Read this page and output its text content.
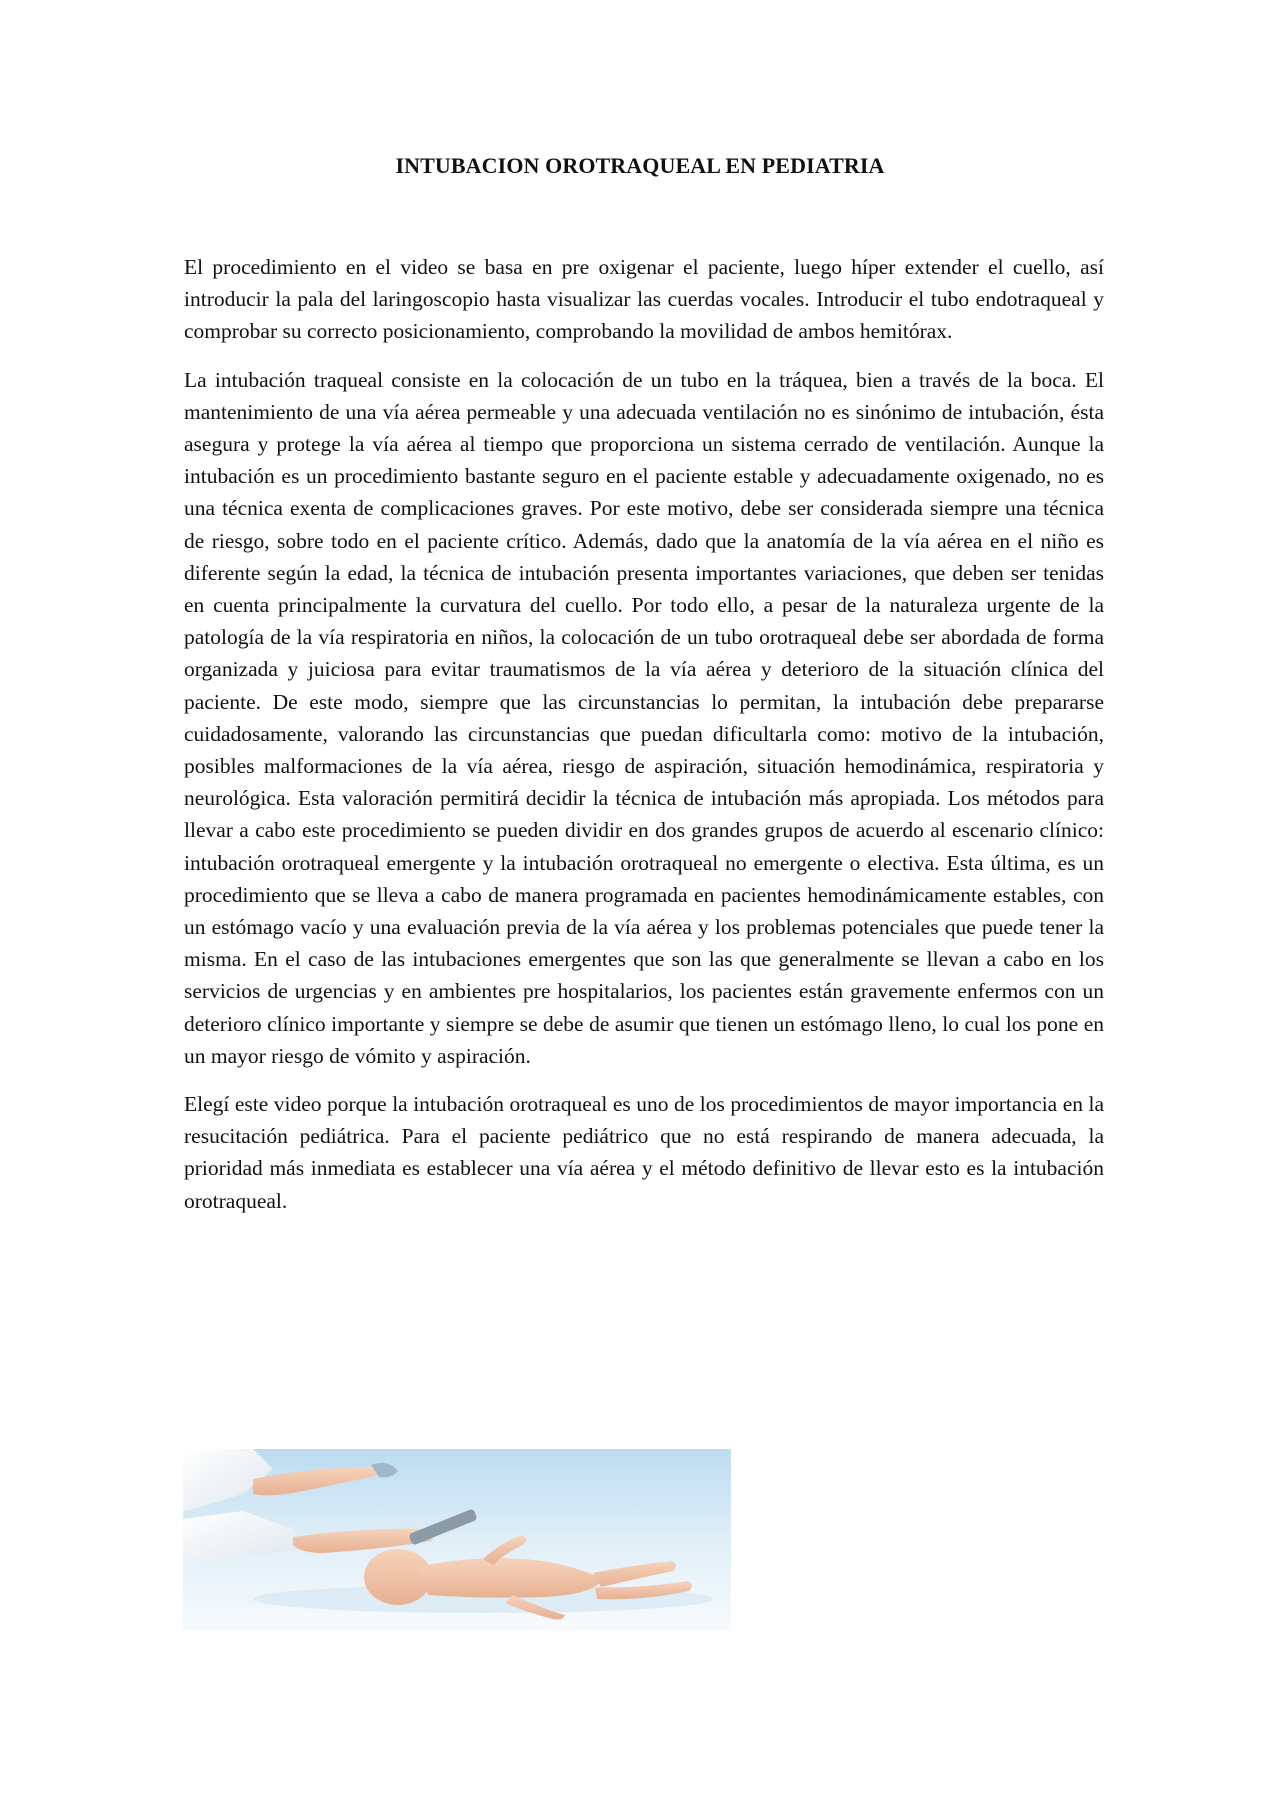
INTUBACION OROTRAQUEAL EN PEDIATRIA

El procedimiento en el video se basa en pre oxigenar el paciente, luego híper extender el cuello, así introducir la pala del laringoscopio hasta visualizar las cuerdas vocales. Introducir el tubo endotraqueal y comprobar su correcto posicionamiento, comprobando la movilidad de ambos hemitórax.

La intubación traqueal consiste en la colocación de un tubo en la tráquea, bien a través de la boca. El mantenimiento de una vía aérea permeable y una adecuada ventilación no es sinónimo de intubación, ésta asegura y protege la vía aérea al tiempo que proporciona un sistema cerrado de ventilación. Aunque la intubación es un procedimiento bastante seguro en el paciente estable y adecuadamente oxigenado, no es una técnica exenta de complicaciones graves. Por este motivo, debe ser considerada siempre una técnica de riesgo, sobre todo en el paciente crítico. Además, dado que la anatomía de la vía aérea en el niño es diferente según la edad, la técnica de intubación presenta importantes variaciones, que deben ser tenidas en cuenta principalmente la curvatura del cuello. Por todo ello, a pesar de la naturaleza urgente de la patología de la vía respiratoria en niños, la colocación de un tubo orotraqueal debe ser abordada de forma organizada y juiciosa para evitar traumatismos de la vía aérea y deterioro de la situación clínica del paciente. De este modo, siempre que las circunstancias lo permitan, la intubación debe prepararse cuidadosamente, valorando las circunstancias que puedan dificultarla como: motivo de la intubación, posibles malformaciones de la vía aérea, riesgo de aspiración, situación hemodinámica, respiratoria y neurológica. Esta valoración permitirá decidir la técnica de intubación más apropiada. Los métodos para llevar a cabo este procedimiento se pueden dividir en dos grandes grupos de acuerdo al escenario clínico: intubación orotraqueal emergente y la intubación orotraqueal no emergente o electiva. Esta última, es un procedimiento que se lleva a cabo de manera programada en pacientes hemodinámicamente estables, con un estómago vacío y una evaluación previa de la vía aérea y los problemas potenciales que puede tener la misma. En el caso de las intubaciones emergentes que son las que generalmente se llevan a cabo en los servicios de urgencias y en ambientes pre hospitalarios, los pacientes están gravemente enfermos con un deterioro clínico importante y siempre se debe de asumir que tienen un estómago lleno, lo cual los pone en un mayor riesgo de vómito y aspiración.

Elegí este video porque la intubación orotraqueal es uno de los procedimientos de mayor importancia en la resucitación pediátrica. Para el paciente pediátrico que no está respirando de manera adecuada, la prioridad más inmediata es establecer una vía aérea y el método definitivo de llevar esto es la intubación orotraqueal.
